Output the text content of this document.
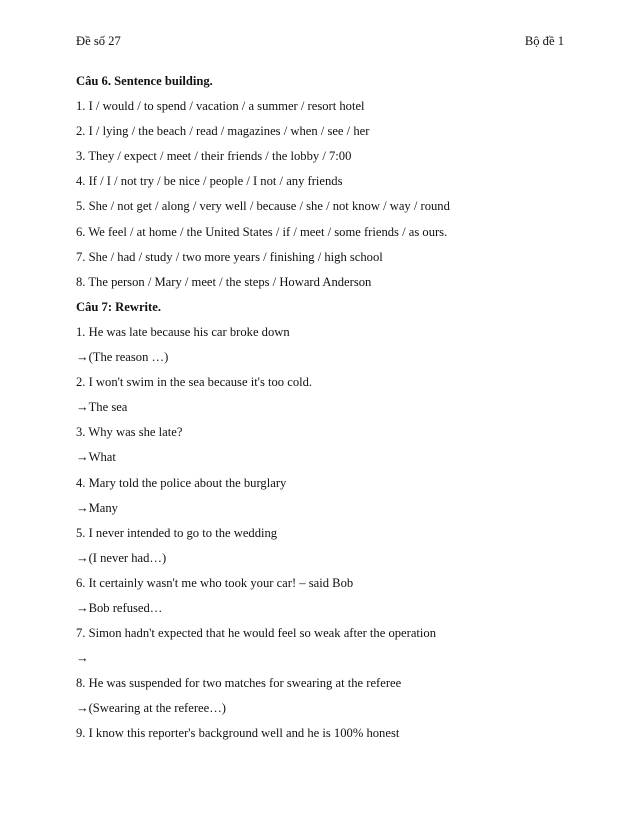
Đề số 27	Bộ đề 1
Câu 6. Sentence building.
1. I / would / to spend / vacation / a summer / resort hotel
2. I / lying / the beach / read / magazines / when / see / her
3. They / expect / meet / their friends / the lobby / 7:00
4. If / I / not try / be nice / people / I not / any friends
5. She / not get / along / very well / because / she / not know / way / round
6. We feel / at home / the United States / if / meet / some friends / as ours.
7. She / had / study / two more years / finishing / high school
8. The person / Mary / meet / the steps / Howard Anderson
Câu 7: Rewrite.
1. He was late because his car broke down
→(The reason …)
2. I won't swim in the sea because it's too cold.
→The sea
3. Why was she late?
→What
4. Mary told the police about the burglary
→Many
5. I never intended to go to the wedding
→(I never had…)
6. It certainly wasn't me who took your car! – said Bob
→Bob refused…
7. Simon hadn't expected that he would feel so weak after the operation
→
8. He was suspended for two matches for swearing at the referee
→(Swearing at the referee…)
9. I know this reporter's background well and he is 100% honest
